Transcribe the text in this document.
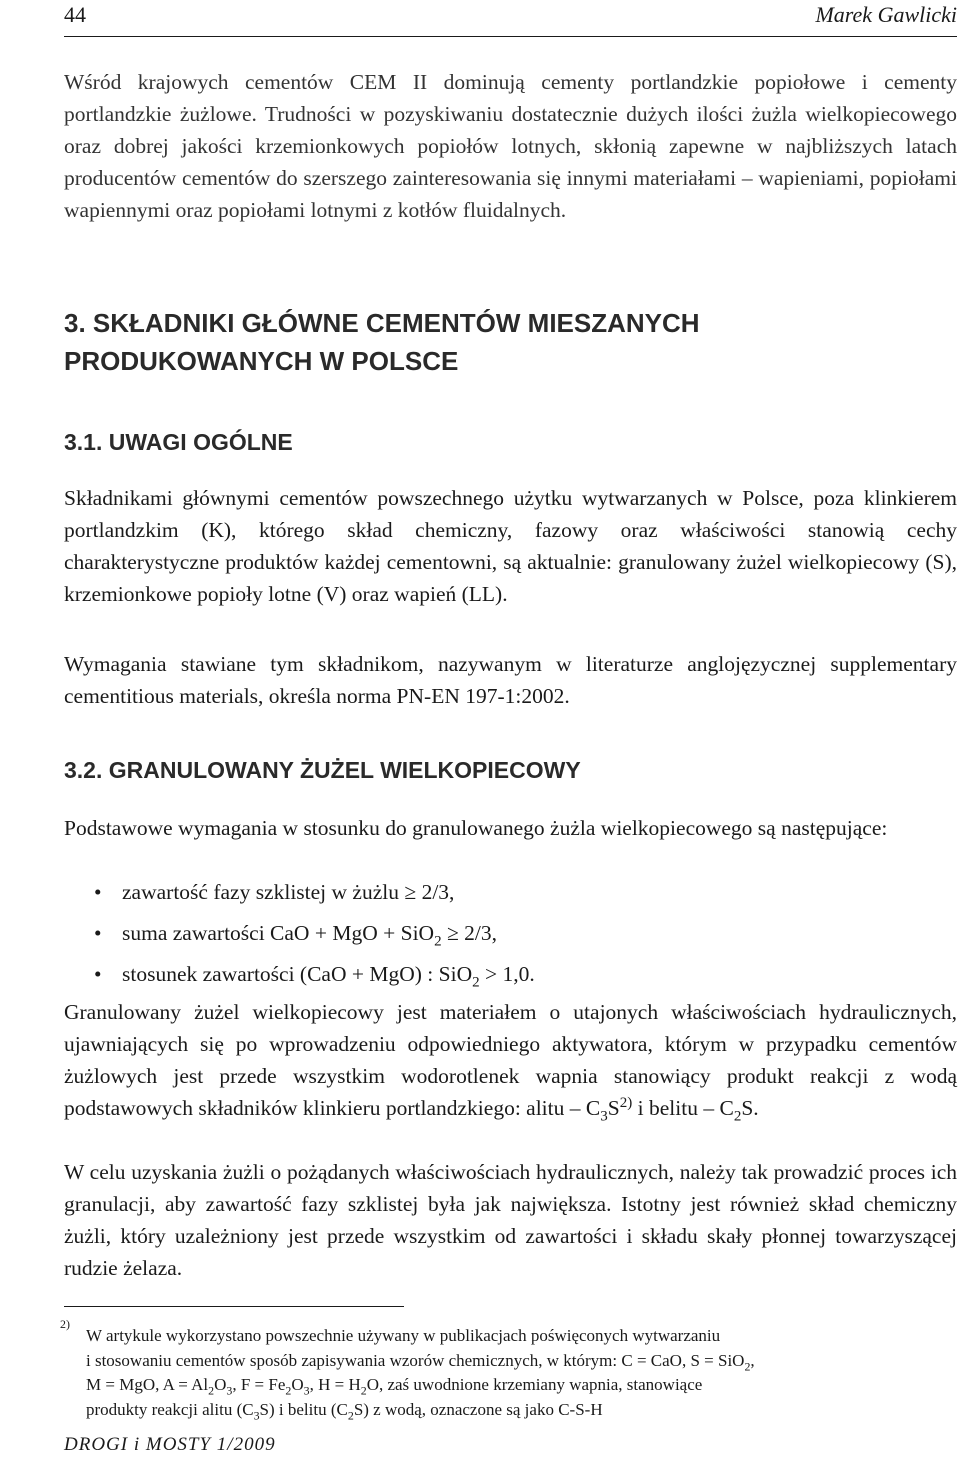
44	Marek Gawlicki

Wśród krajowych cementów CEM II dominują cementy portlandzkie popiołowe i cementy portlandzkie żużlowe. Trudności w pozyskiwaniu dostatecznie dużych ilości żużla wielkopiecowego oraz dobrej jakości krzemionkowych popiołów lotnych, skłonią zapewne w najbliższych latach producentów cementów do szerszego zainteresowania się innymi materiałami – wapieniami, popiołami wapiennymi oraz popiołami lotnymi z kotłów fluidalnych.

3. SKŁADNIKI GŁÓWNE CEMENTÓW MIESZANYCH
PRODUKOWANYCH W POLSCE
3.1. UWAGI OGÓLNE

Składnikami głównymi cementów powszechnego użytku wytwarzanych w Polsce, poza klinkierem portlandzkim (K), którego skład chemiczny, fazowy oraz właściwości stanowią cechy charakterystyczne produktów każdej cementowni, są aktualnie: granulowany żużel wielkopiecowy (S), krzemionkowe popioły lotne (V) oraz wapień (LL).

Wymagania stawiane tym składnikom, nazywanym w literaturze anglojęzycznej supplementary cementitious materials, określa norma PN-EN 197-1:2002.

3.2. GRANULOWANY ŻUŻEL WIELKOPIECOWY

Podstawowe wymagania w stosunku do granulowanego żużla wielkopiecowego są następujące:

• zawartość fazy szklistej w żużlu ≥ 2/3,
• suma zawartości CaO + MgO + SiO$_2$ ≥ 2/3,
• stosunek zawartości (CaO + MgO) : SiO$_2$ > 1,0.

Granulowany żużel wielkopiecowy jest materiałem o utajonych właściwościach hydraulicznych, ujawniających się po wprowadzeniu odpowiedniego aktywatora, którym w przypadku cementów żużlowych jest przede wszystkim wodorotlenek wapnia stanowiący produkt reakcji z wodą podstawowych składników klinkieru portlandzkiego: alitu – $C_3S^{2)}$ i belitu – $C_2S$.

W celu uzyskania żużli o pożądanych właściwościach hydraulicznych, należy tak prowadzić proces ich granulacji, aby zawartość fazy szklistej była jak największa. Istotny jest również skład chemiczny żużli, który uzależniony jest przede wszystkim od zawartości i składu skały płonnej towarzyszącej rudzie żelaza.

2)
W artykule wykorzystano powszechnie używany w publikacjach poświęconych wytwarzaniu
i stosowaniu cementów sposób zapisywania wzorów chemicznych, w którym: C = CaO, S = SiO$_2$,
M = MgO, $A = Al_2O_3$, $F = Fe_2O_3$, $H = H_2O$, zaś uwodnione krzemiany wapnia, stanowiące
produkty reakcji alitu $(C_3S)$ i belitu $(C_2S)$ z wodą, oznaczone są jako C-S-H
DROGI i MOSTY 1/2009
